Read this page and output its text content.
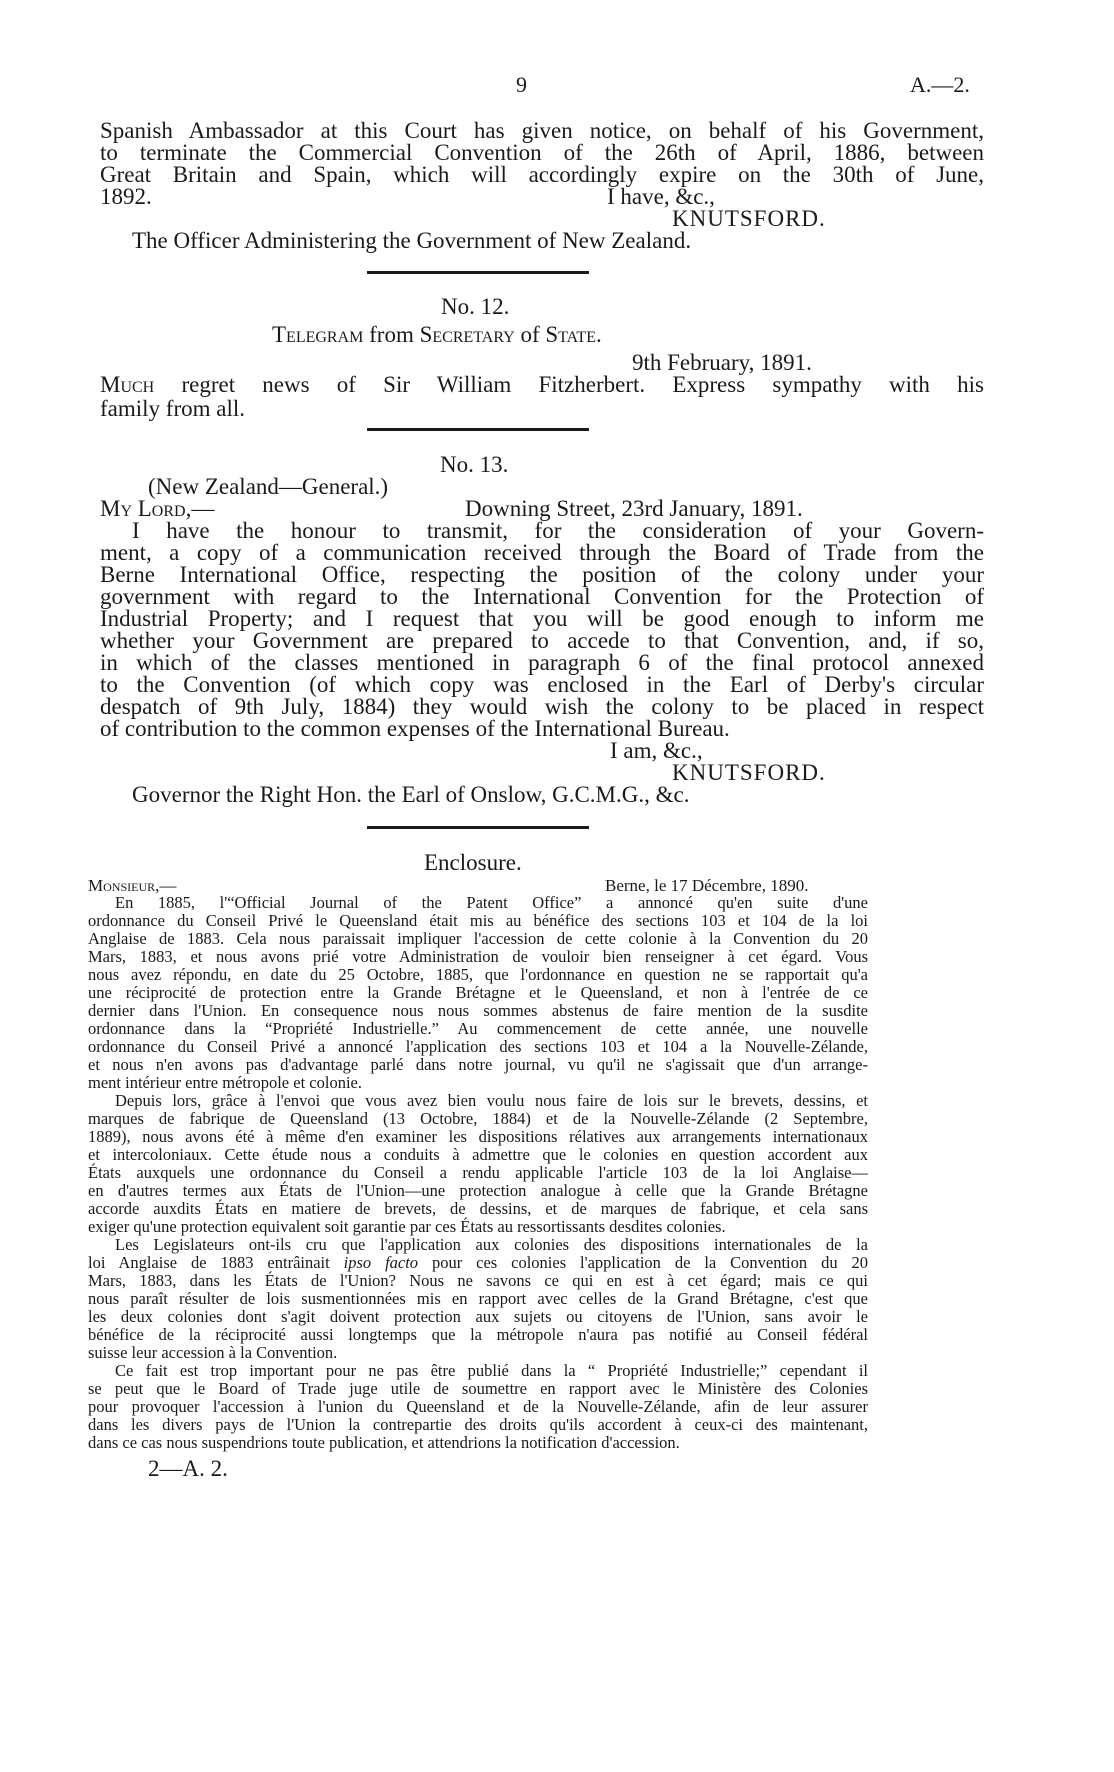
9	A.—2.
Spanish Ambassador at this Court has given notice, on behalf of his Government,
to terminate the Commercial Convention of the 26th of April, 1886, between
Great Britain and Spain, which will accordingly expire on the 30th of June,
1892.	I have, &c.,
KNUTSFORD.
The Officer Administering the Government of New Zealand.
No. 12.
Telegram from Secretary of State.
9th February, 1891.
Much regret news of Sir William Fitzherbert. Express sympathy with his
family from all.
No. 13.
(New Zealand—General.)
My Lord,—	Downing Street, 23rd January, 1891.
I have the honour to transmit, for the consideration of your Govern-
ment, a copy of a communication received through the Board of Trade from the
Berne International Office, respecting the position of the colony under your
government with regard to the International Convention for the Protection of
Industrial Property; and I request that you will be good enough to inform me
whether your Government are prepared to accede to that Convention, and, if so,
in which of the classes mentioned in paragraph 6 of the final protocol annexed
to the Convention (of which copy was enclosed in the Earl of Derby's circular
despatch of 9th July, 1884) they would wish the colony to be placed in respect
of contribution to the common expenses of the International Bureau.
I am, &c.,
KNUTSFORD.
Governor the Right Hon. the Earl of Onslow, G.C.M.G., &c.
Enclosure.
Monsieur,—	Berne, le 17 Décembre, 1890.
En 1885, l'“Official Journal of the Patent Office” a annoncé qu'en suite d'une
ordonnance du Conseil Privé le Queensland était mis au bénéfice des sections 103 et 104 de la loi
Anglaise de 1883. Cela nous paraissait impliquer l'accession de cette colonie à la Convention du 20
Mars, 1883, et nous avons prié votre Administration de vouloir bien renseigner à cet égard. Vous
nous avez répondu, en date du 25 Octobre, 1885, que l'ordonnance en question ne se rapportait qu'a
une réciprocité de protection entre la Grande Brétagne et le Queensland, et non à l'entrée de ce
dernier dans l'Union. En consequence nous nous sommes abstenus de faire mention de la susdite
ordonnance dans la “Propriété Industrielle.” Au commencement de cette année, une nouvelle
ordonnance du Conseil Privé a annoncé l'application des sections 103 et 104 a la Nouvelle-Zélande,
et nous n'en avons pas d'advantage parlé dans notre journal, vu qu'il ne s'agissait que d'un arrange-
ment intérieur entre métropole et colonie.
Depuis lors, grâce à l'envoi que vous avez bien voulu nous faire de lois sur le brevets, dessins, et
marques de fabrique de Queensland (13 Octobre, 1884) et de la Nouvelle-Zélande (2 Septembre,
1889), nous avons été à même d'en examiner les dispositions rélatives aux arrangements internationaux
et intercoloniaux. Cette étude nous a conduits à admettre que le colonies en question accordent aux
États auxquels une ordonnance du Conseil a rendu applicable l'article 103 de la loi Anglaise—
en d'autres termes aux États de l'Union—une protection analogue à celle que la Grande Brétagne
accorde auxdits États en matiere de brevets, de dessins, et de marques de fabrique, et cela sans
exiger qu'une protection equivalent soit garantie par ces États au ressortissants desdites colonies.
Les Legislateurs ont-ils cru que l'application aux colonies des dispositions internationales de la
loi Anglaise de 1883 entrâinait ipso facto pour ces colonies l'application de la Convention du 20
Mars, 1883, dans les États de l'Union? Nous ne savons ce qui en est à cet égard; mais ce qui
nous paraît résulter de lois susmentionnées mis en rapport avec celles de la Grand Brétagne, c'est que
les deux colonies dont s'agit doivent protection aux sujets ou citoyens de l'Union, sans avoir le
bénéfice de la réciprocité aussi longtemps que la métropole n'aura pas notifié au Conseil fédéral
suisse leur accession à la Convention.
Ce fait est trop important pour ne pas être publié dans la “ Propriété Industrielle;” cependant il
se peut que le Board of Trade juge utile de soumettre en rapport avec le Ministère des Colonies
pour provoquer l'accession à l'union du Queensland et de la Nouvelle-Zélande, afin de leur assurer
dans les divers pays de l'Union la contrepartie des droits qu'ils accordent à ceux-ci des maintenant,
dans ce cas nous suspendrions toute publication, et attendrions la notification d'accession.
2—A. 2.
